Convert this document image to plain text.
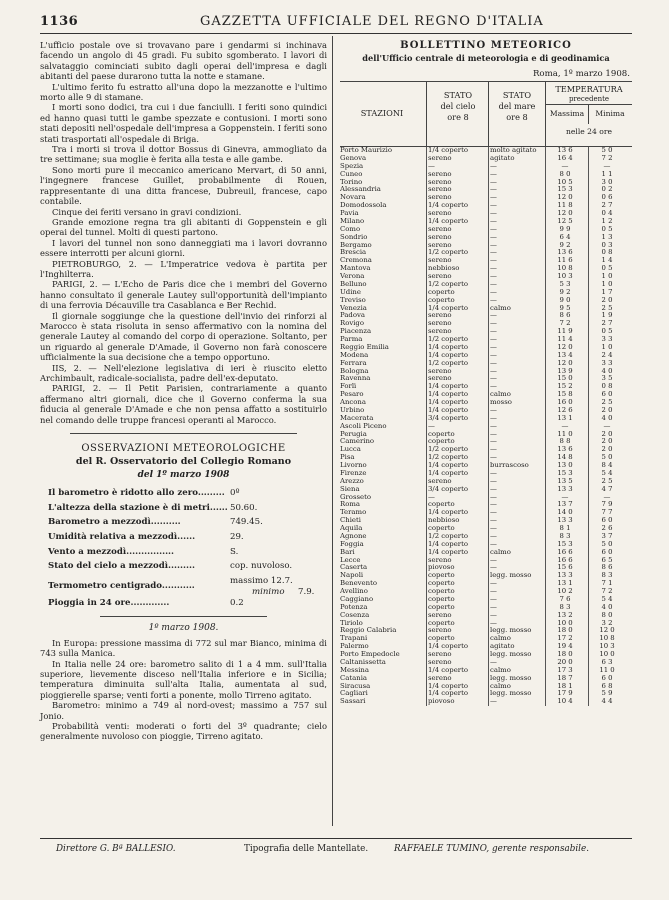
1136	GAZZETTA UFFICIALE DEL REGNO D'ITALIA

L'ufficio postale ove si trovavano pare i gendarmi si inchinava facendo un angolo di 45 gradi. Fu subito sgomberato. I lavori di salvataggio cominciati subito dagli operai dell'impresa e dagli abitanti del paese durarono tutta la notte e stamane.

L'ultimo ferito fu estratto all'una dopo la mezzanotte e l'ultimo morto alle 9 di stamane.

I morti sono dodici, tra cui i due fanciulli. I feriti sono quindici ed hanno quasi tutti le gambe spezzate e contusioni. I morti sono stati depositi nell'ospedale dell'impresa a Goppenstein. I feriti sono stati trasportati all'ospedale di Briga.

Tra i morti si trova il dottor Bossus di Ginevra, ammogliato da tre settimane; sua moglie è ferita alla testa e alle gambe.

Sono morti pure il meccanico americano Mervart, di 50 anni, l'ingegnere francese Guillet, probabilmente di Rouen, rappresentante di una ditta francese, Dubreuil, francese, capo contabile.

Cinque dei feriti versano in gravi condizioni.

Grande emozione regna tra gli abitanti di Goppenstein e gli operai del tunnel. Molti di questi partono.

I lavori del tunnel non sono danneggiati ma i lavori dovranno essere interrotti per alcuni giorni.

PIETROBURGO, 2. — L'Imperatrice vedova è partita per l'Inghilterra.

PARIGI, 2. — L'Echo de Paris dice che i membri del Governo hanno consultato il generale Lautey sull'opportunità dell'impianto di una ferrovia Décauville tra Casablanca e Ber Rechid.

Il giornale soggiunge che la questione dell'invio dei rinforzi al Marocco è stata risoluta in senso affermativo con la nomina del generale Lautey al comando del corpo di operazione. Soltanto, per un riguardo al generale D'Amade, il Governo non farà conoscere ufficialmente la sua decisione che a tempo opportuno.

IIS, 2. — Nell'elezione legislativa di ieri è riuscito eletto Archimbault, radicale-socialista, padre dell'ex-deputato.

PARIGI, 2. — Il Petit Parisien, contrariamente a quanto affermano altri giornali, dice che il Governo conferma la sua fiducia al generale D'Amade e che non pensa affatto a sostituirlo nel comando delle truppe francesi operanti al Marocco.

OSSERVAZIONI METEOROLOGICHE
del R. Osservatorio del Collegio Romano
del 1º marzo 1908
Il barometro è ridotto allo zero......... 0º
L'altezza della stazione è di metri...... 50.60.
Barometro a mezzodì..........	749.45.
Umidità relativa a mezzodì......	29.
Vento a mezzodì................	S.
Stato del cielo a mezzodì.........	cop. nuvoloso.
Termometro centigrado...........	massimo 12.7.
minimo 7.9.
Pioggia in 24 ore.............	0.2
1º marzo 1908.

In Europa: pressione massima di 772 sul mar Bianco, minima di 743 sulla Manica.

In Italia nelle 24 ore: barometro salito di 1 a 4 mm. sull'Italia superiore, lievemente disceso nell'Italia inferiore e in Sicilia; temperatura diminuita sull'alta Italia, aumentata al sud, pioggierelle sparse; venti forti a ponente, mollo Tirreno agitato.

Barometro: minimo a 749 al nord-ovest; massimo a 757 sul Jonio.

Probabilità venti: moderati o forti del 3º quadrante; cielo generalmente nuvoloso con pioggie, Tirreno agitato.

BOLLETTINO METEORICO
dell'Ufficio centrale di meteorologia e di geodinamica
Roma, 1º marzo 1908.
STAZIONI
STATO
del cielo
ore 8
STATO
del mare
ore 8
TEMPERATURA
precedente
Massima	Minima
nelle 24 ore
Porto Maurizio	1/4 coperto	molto agitato	13 6	5 0
Genova	sereno	agitato	16 4	7 2
Spezia	—	—	—	—
Cuneo	sereno	—	8 0	1 1
Torino	sereno	—	10 5	3 0
Alessandria	sereno	—	15 3	0 2
Novara	sereno	—	12 0	0 6
Domodossola	1/4 coperto	—	11 8	2 7
Pavia	sereno	—	12 0	0 4
Milano	1/4 coperto	—	12 5	1 2
Como	sereno	—	9 9	0 5
Sondrio	sereno	—	6 4	1 3
Bergamo	sereno	—	9 2	0 3
Brescia	1/2 coperto	—	13 6	0 8
Cremona	sereno	—	11 6	1 4
Mantova	nebbioso	—	10 8	0 5
Verona	sereno	—	10 3	1 0
Belluno	1/2 coperto	—	5 3	1 0
Udine	coperto	—	9 2	1 7
Treviso	coperto	—	9 0	2 0
Venezia	1/4 coperto	calmo	9 5	2 5
Padova	sereno	—	8 6	1 9
Rovigo	sereno	—	7 2	2 7
Piacenza	sereno	—	11 9	0 5
Parma	1/2 coperto	—	11 4	3 3
Reggio Emilia	1/4 coperto	—	12 0	1 0
Modena	1/4 coperto	—	13 4	2 4
Ferrara	1/2 coperto	—	12 0	3 3
Bologna	sereno	—	13 9	4 0
Ravenna	sereno	—	15 0	3 5
Forlì	1/4 coperto	—	15 2	0 8
Pesaro	1/4 coperto	calmo	15 8	6 0
Ancona	1/4 coperto	mosso	16 0	2 5
Urbino	1/4 coperto	—	12 6	2 0
Macerata	3/4 coperto	—	13 1	4 0
Ascoli Piceno	—	—	—	—
Perugia	coperto	—	11 0	2 0
Camerino	coperto	—	8 8	2 0
Lucca	1/2 coperto	—	13 6	2 0
Pisa	1/2 coperto	—	14 8	5 0
Livorno	1/4 coperto	burrascoso	13 0	8 4
Firenze	1/4 coperto	—	15 3	5 4
Arezzo	sereno	—	13 5	2 5
Siena	3/4 coperto	—	13 3	4 7
Grosseto	—	—	—	—
Roma	coperto	—	13 7	7 9
Teramo	1/4 coperto	—	14 0	7 7
Chieti	nebbioso	—	13 3	6 0
Aquila	coperto	—	8 1	2 6
Agnone	1/2 coperto	—	8 3	3 7
Foggia	1/4 coperto	—	15 3	5 0
Bari	1/4 coperto	calmo	16 6	6 0
Lecce	sereno	—	16 6	6 5
Caserta	piovoso	—	15 6	8 6
Napoli	coperto	legg. mosso	13 3	8 3
Benevento	coperto	—	13 1	7 1
Avellino	coperto	—	10 2	7 2
Caggiano	coperto	—	7 6	5 4
Potenza	coperto	—	8 3	4 0
Cosenza	sereno	—	13 2	8 0
Tiriolo	coperto	—	10 0	3 2
Reggio Calabria	sereno	legg. mosso	18 0	12 0
Trapani	coperto	calmo	17 2	10 8
Palermo	1/4 coperto	agitato	19 4	10 3
Porto Empedocle	sereno	legg. mosso	18 0	10 0
Caltanissetta	sereno	—	20 0	6 3
Messina	1/4 coperto	calmo	17 3	11 0
Catania	sereno	legg. mosso	18 7	6 0
Siracusa	1/4 coperto	calmo	18 1	6 8
Cagliari	1/4 coperto	legg. mosso	17 9	5 9
Sassari	piovoso	—	10 4	4 4
Direttore G. Bª BALLESIO.	Tipografia delle Mantellate.	RAFFAELE TUMINO, gerente responsabile.
